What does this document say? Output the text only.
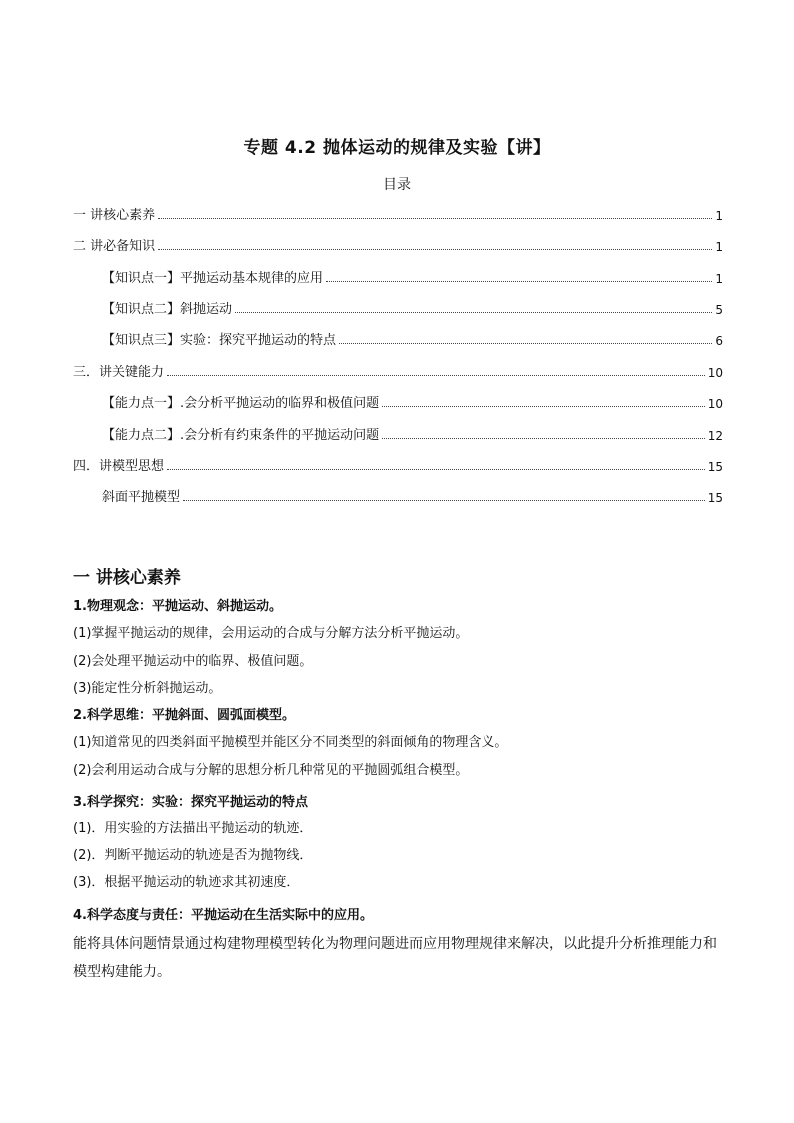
专题 4.2 抛体运动的规律及实验【讲】
目录
一 讲核心素养	1
二 讲必备知识	1
【知识点一】平抛运动基本规律的应用	1
【知识点二】斜抛运动	5
【知识点三】实验：探究平抛运动的特点	6
三．讲关键能力	10
【能力点一】.会分析平抛运动的临界和极值问题	10
【能力点二】.会分析有约束条件的平抛运动问题	12
四．讲模型思想	15
斜面平抛模型	15
一 讲核心素养
1.物理观念：平抛运动、斜抛运动。
(1)掌握平抛运动的规律，会用运动的合成与分解方法分析平抛运动。
(2)会处理平抛运动中的临界、极值问题。
(3)能定性分析斜抛运动。
2.科学思维：平抛斜面、圆弧面模型。
(1)知道常见的四类斜面平抛模型并能区分不同类型的斜面倾角的物理含义。
(2)会利用运动合成与分解的思想分析几种常见的平抛圆弧组合模型。
3.科学探究：实验：探究平抛运动的特点
(1)．用实验的方法描出平抛运动的轨迹．
(2)．判断平抛运动的轨迹是否为抛物线．
(3)．根据平抛运动的轨迹求其初速度．
4.科学态度与责任：平抛运动在生活实际中的应用。
能将具体问题情景通过构建物理模型转化为物理问题进而应用物理规律来解决，以此提升分析推理能力和模型构建能力。
